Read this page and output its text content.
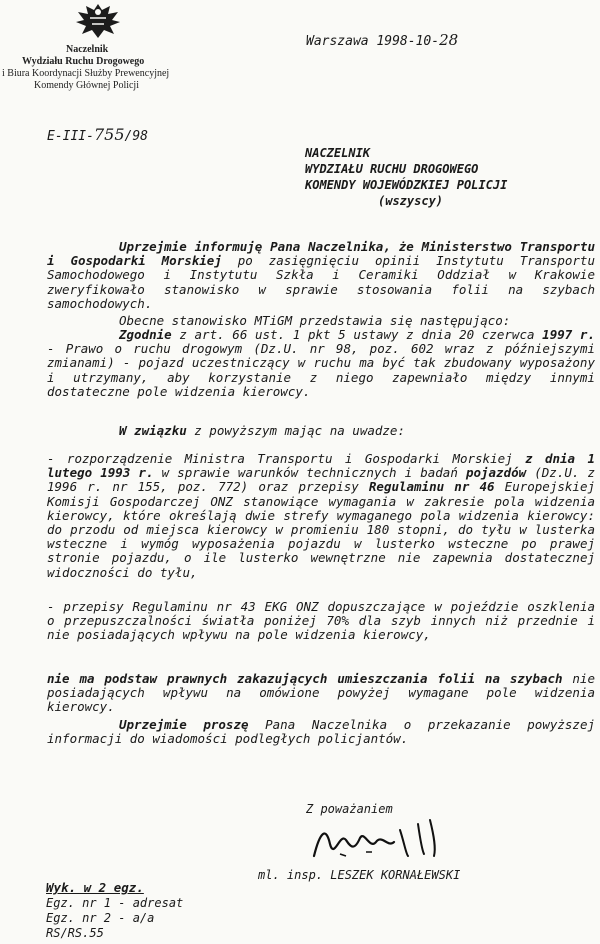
Naczelnik
Wydziału Ruchu Drogowego
i Biura Koordynacji Służby Prewencyjnej
Komendy Głównej Policji
Warszawa 1998-10-28
E-III-755/98
NACZELNIK
WYDZIAŁU RUCHU DROGOWEGO
KOMENDY WOJEWÓDZKIEJ POLICJI
(wszyscy)
Uprzejmie informuję Pana Naczelnika, że Ministerstwo Transportu i Gospodarki Morskiej po zasięgnięciu opinii Instytutu Transportu Samochodowego i Instytutu Szkła i Ceramiki Oddział w Krakowie zweryfikowało stanowisko w sprawie stosowania folii na szybach samochodowych.
Obecne stanowisko MTiGM przedstawia się następująco:
Zgodnie z art. 66 ust. 1 pkt 5 ustawy z dnia 20 czerwca 1997 r. - Prawo o ruchu drogowym (Dz.U. nr 98, poz. 602 wraz z późniejszymi zmianami) - pojazd uczestniczący w ruchu ma być tak zbudowany wyposażony i utrzymany, aby korzystanie z niego zapewniało między innymi dostateczne pole widzenia kierowcy.
W związku z powyższym mając na uwadze:
- rozporządzenie Ministra Transportu i Gospodarki Morskiej z dnia 1 lutego 1993 r. w sprawie warunków technicznych i badań pojazdów (Dz.U. z 1996 r. nr 155, poz. 772) oraz przepisy Regulaminu nr 46 Europejskiej Komisji Gospodarczej ONZ stanowiące wymagania w zakresie pola widzenia kierowcy, które określają dwie strefy wymaganego pola widzenia kierowcy: do przodu od miejsca kierowcy w promieniu 180 stopni, do tyłu w lusterka wsteczne i wymóg wyposażenia pojazdu w lusterko wsteczne po prawej stronie pojazdu, o ile lusterko wewnętrzne nie zapewnia dostatecznej widoczności do tyłu,
- przepisy Regulaminu nr 43 EKG ONZ dopuszczające w pojeździe oszklenia o przepuszczalności światła poniżej 70% dla szyb innych niż przednie i nie posiadających wpływu na pole widzenia kierowcy,
nie ma podstaw prawnych zakazujących umieszczania folii na szybach nie posiadających wpływu na omówione powyżej wymagane pole widzenia kierowcy.
Uprzejmie proszę Pana Naczelnika o przekazanie powyższej informacji do wiadomości podległych policjantów.
Z poważaniem
ml. insp. LESZEK KORNAŁEWSKI
Wyk. w 2 egz.
Egz. nr 1 - adresat
Egz. nr 2 - a/a
RS/RS.55
